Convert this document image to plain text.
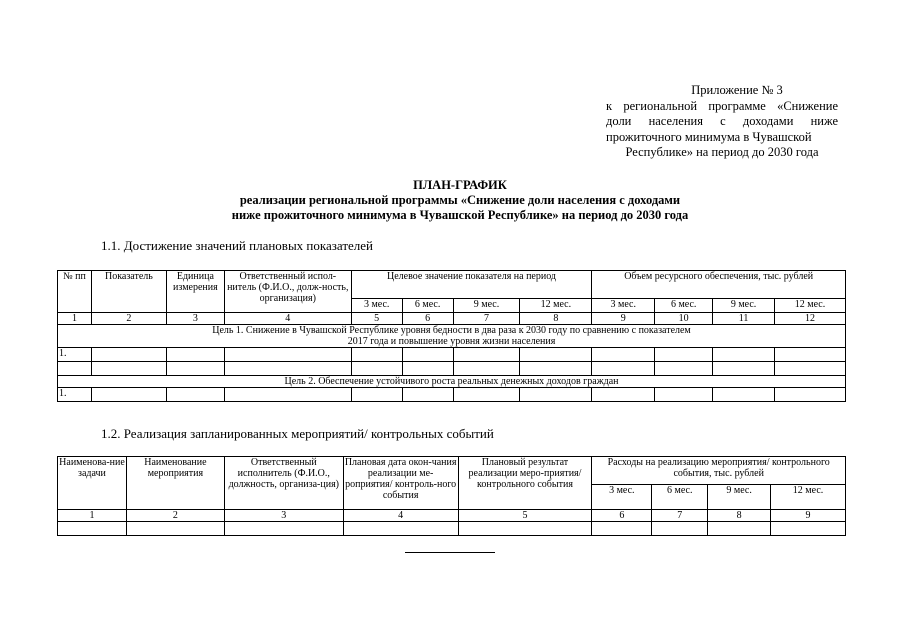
Приложение № 3
к региональной программе «Снижение доли населения с доходами ниже прожиточного минимума в Чувашской
Республике» на период до 2030 года
ПЛАН-ГРАФИК
реализации региональной программы «Снижение доли населения с доходами
ниже прожиточного минимума в Чувашской Республике» на период до 2030 года
1.1. Достижение значений плановых показателей
№ пп	Показатель	Единица измерения	Ответственный испол-нитель (Ф.И.О., долж-ность, организация)	Целевое значение показателя на период				Объем ресурсного обеспечения, тыс. рублей			
				3 мес.	6 мес.	9 мес.	12 мес.	3 мес.	6 мес.	9 мес.	12 мес.
1	2	3	4	5	6	7	8	9	10	11	12
Цель 1. Снижение в Чувашской Республике уровня бедности в два раза к 2030 году по сравнению с показателем 2017 года и повышение уровня жизни населения											
1.											

Цель 2. Обеспечение устойчивого роста реальных денежных доходов граждан											
1.											
1.2. Реализация запланированных мероприятий/ контрольных событий
Наименова-ние задачи	Наименование мероприятия	Ответственный исполнитель (Ф.И.О., должность, организа-ция)	Плановая дата окон-чания реализации ме-роприятия/ контроль-ного события	Плановый результат реализации меро-приятия/ контрольного события	Расходы на реализацию мероприятия/ контрольного события, тыс. рублей			
					3 мес.	6 мес.	9 мес.	12 мес.
1	2	3	4	5	6	7	8	9
